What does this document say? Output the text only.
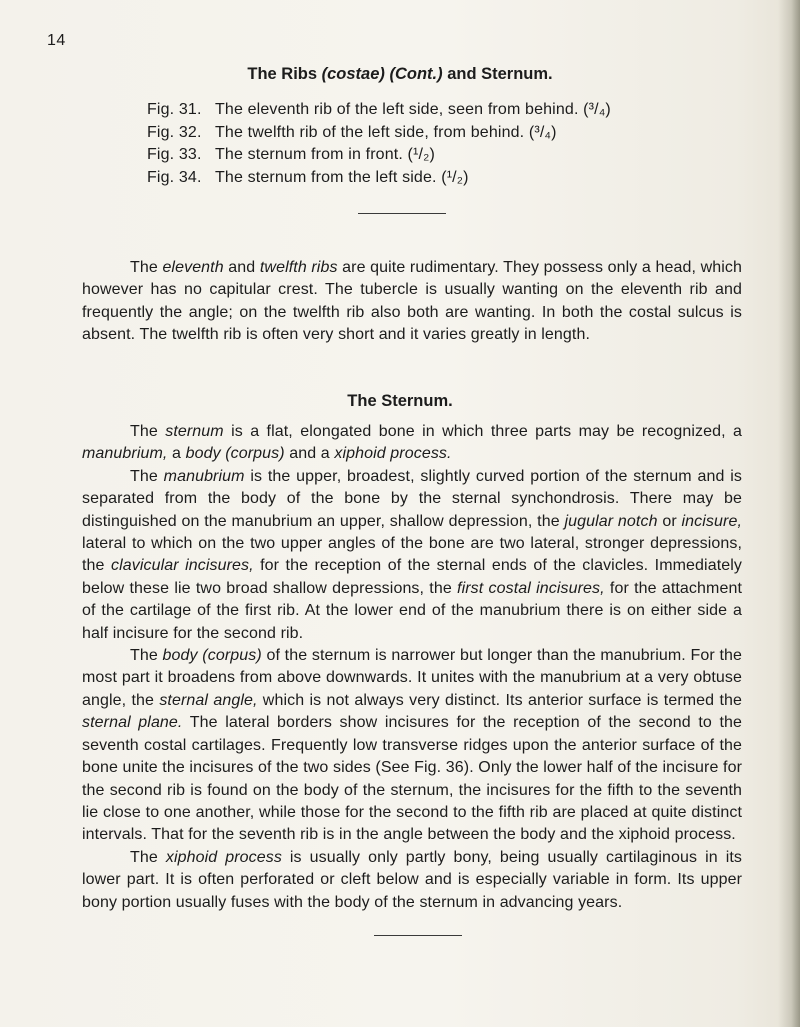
14
The Ribs (costae) (Cont.) and Sternum.
Fig. 31. The eleventh rib of the left side, seen from behind. (³/₄)
Fig. 32. The twelfth rib of the left side, from behind. (³/₄)
Fig. 33. The sternum from in front. (¹/₂)
Fig. 34. The sternum from the left side. (¹/₂)

The eleventh and twelfth ribs are quite rudimentary. They possess only a head, which however has no capitular crest. The tubercle is usually wanting on the eleventh rib and frequently the angle; on the twelfth rib also both are wanting. In both the costal sulcus is absent. The twelfth rib is often very short and it varies greatly in length.

The Sternum.

The sternum is a flat, elongated bone in which three parts may be recognized, a manubrium, a body (corpus) and a xiphoid process.

The manubrium is the upper, broadest, slightly curved portion of the sternum and is separated from the body of the bone by the sternal synchondrosis. There may be distinguished on the manubrium an upper, shallow depression, the jugular notch or incisure, lateral to which on the two upper angles of the bone are two lateral, stronger depressions, the clavicular incisures, for the reception of the sternal ends of the clavicles. Immediately below these lie two broad shallow depressions, the first costal incisures, for the attachment of the cartilage of the first rib. At the lower end of the manubrium there is on either side a half incisure for the second rib.

The body (corpus) of the sternum is narrower but longer than the manubrium. For the most part it broadens from above downwards. It unites with the manubrium at a very obtuse angle, the sternal angle, which is not always very distinct. Its anterior surface is termed the sternal plane. The lateral borders show incisures for the reception of the second to the seventh costal cartilages. Frequently low transverse ridges upon the anterior surface of the bone unite the incisures of the two sides (See Fig. 36). Only the lower half of the incisure for the second rib is found on the body of the sternum, the incisures for the fifth to the seventh lie close to one another, while those for the second to the fifth rib are placed at quite distinct intervals. That for the seventh rib is in the angle between the body and the xiphoid process.

The xiphoid process is usually only partly bony, being usually cartilaginous in its lower part. It is often perforated or cleft below and is especially variable in form. Its upper bony portion usually fuses with the body of the sternum in advancing years.
